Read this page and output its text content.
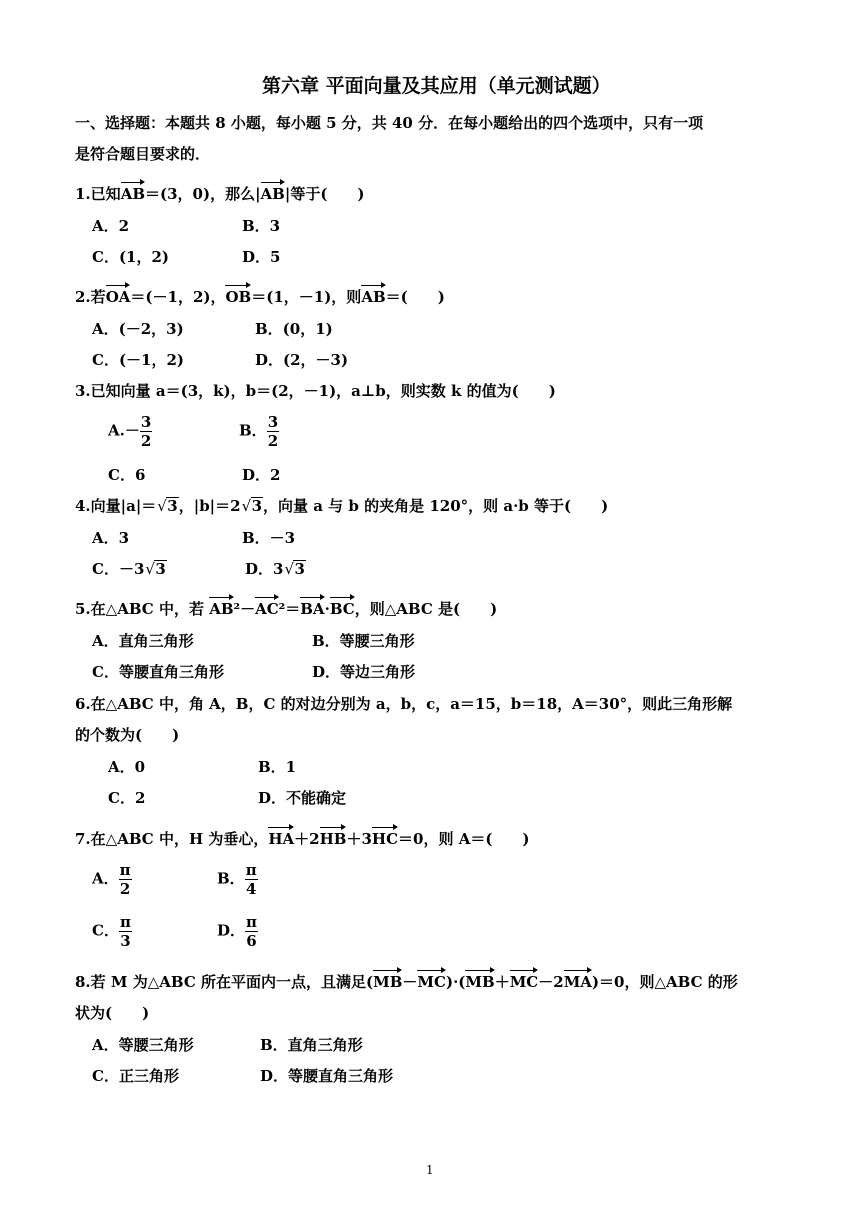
第六章 平面向量及其应用（单元测试题）
一、选择题：本题共 8 小题，每小题 5 分，共 40 分．在每小题给出的四个选项中，只有一项
是符合题目要求的．
1.已知AB＝(3，0)，那么|AB|等于(　　)
A．2	B．3
C．(1，2)	D．5
2.若OA＝(－1，2)，OB＝(1，－1)，则AB＝(　　)
A．(－2，3)	B．(0，1)
C．(－1，2)	D．(2，－3)
3.已知向量 a＝(3，k)，b＝(2，－1)，a⊥b，则实数 k 的值为(　　)
$A.- \frac{3}{2}$	B． $\frac{3}{2}$
C．6	D．2
4.向量|a|＝ √ 3，|b|＝2 √ 3，向量 a 与 b 的夹角是 120°，则 a·b 等于(　　)
A．3	B．－3
C．－3 √ 3	D．3 √ 3
5.在△ABC 中，若 AB²－AC²＝BA·BC，则△ABC 是(　　)
A．直角三角形	B．等腰三角形
C．等腰直角三角形	D．等边三角形
6.在△ABC 中，角 A，B，C 的对边分别为 a，b，c，a＝15，b＝18，A＝30°，则此三角形解
的个数为(　　)
A．0	B．1
C．2	D．不能确定
7.在△ABC 中，H 为垂心，HA＋2HB＋3HC＝0，则 A＝(　　)
A． $\frac{\pi}{2}$	B． $\frac{\pi}{4}$
C． $\frac{\pi}{3}$	D． $\frac{\pi}{6}$
8.若 M 为△ABC 所在平面内一点，且满足(MB－MC)·(MB＋MC－2MA)＝0，则△ABC 的形
状为(　　)
A．等腰三角形	B．直角三角形
C．正三角形	D．等腰直角三角形
1
